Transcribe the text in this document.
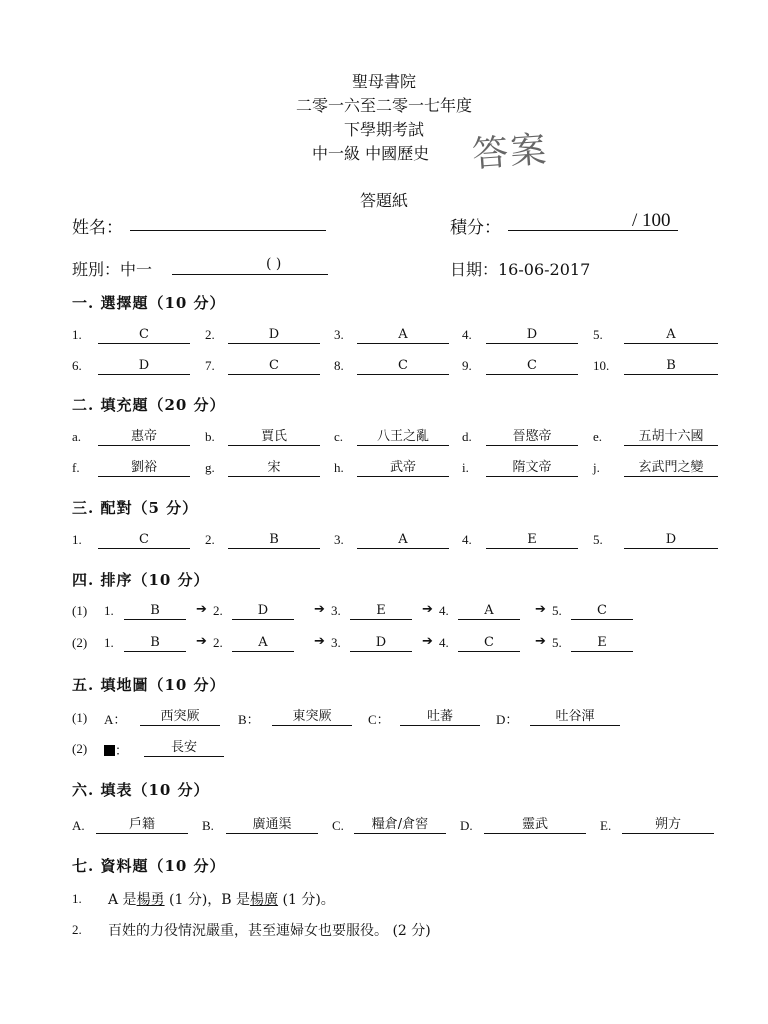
聖母書院
二零一六至二零一七年度
下學期考試
中一級 中國歷史 答案
答題紙
姓名：	積分：	/ 100
班別：中一	( )	日期：16-06-2017
一. 選擇題（10 分）
1.	C	2.	D	3.	A	4.	D	5.	A
6.	D	7.	C	8.	C	9.	C	10.	B
二. 填充題（20 分）
a.	惠帝	b.	賈氏	c.	八王之亂	d.	晉愍帝	e.	五胡十六國
f.	劉裕	g.	宋	h.	武帝	i.	隋文帝	j.	玄武門之變
三. 配對（5 分）
1.	C	2.	B	3.	A	4.	E	5.	D
四. 排序（10 分）
(1) 1.	B	➔ 2.	D	➔ 3.	E	➔ 4.	A	➔ 5.	C
(2) 1.	B	➔ 2.	A	➔ 3.	D	➔ 4.	C	➔ 5.	E
五. 填地圖（10 分）
(1) A：	西突厥	B：	東突厥	C：	吐蕃	D：	吐谷渾
(2)	：	長安
六. 填表（10 分）
A.	戶籍	B.	廣通渠	C.	糧倉/倉窖	D.	靈武	E.	朔方
七. 資料題（10 分）
1. A 是楊勇 (1 分)，B 是楊廣 (1 分)。
2. 百姓的力役情況嚴重，甚至連婦女也要服役。 (2 分)
